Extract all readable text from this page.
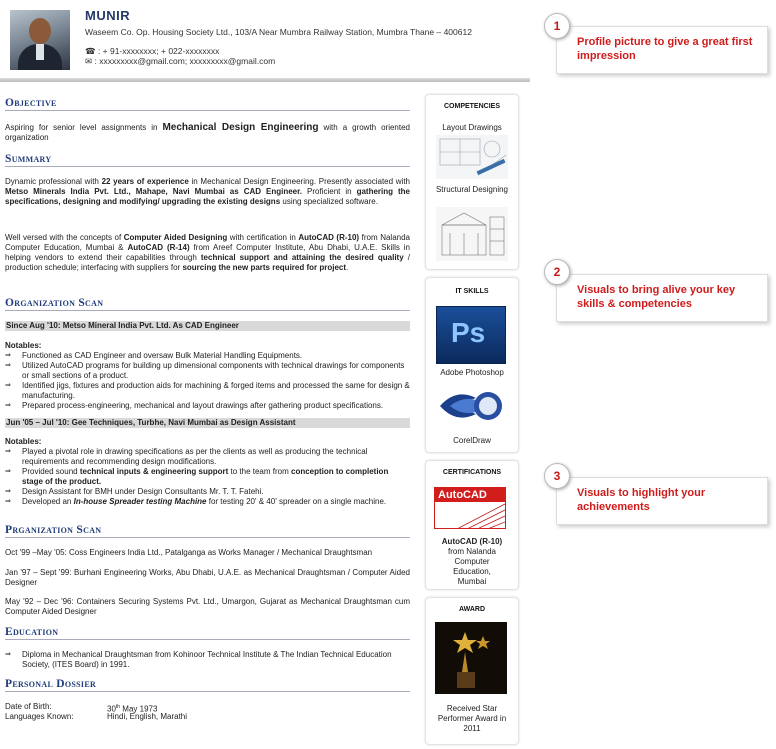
MUNIR
Waseem Co. Op. Housing Society Ltd., 103/A Near Mumbra Railway Station, Mumbra Thane – 400612
☎ : + 91-xxxxxxxx; + 022-xxxxxxxx
✉ : xxxxxxxxx@gmail.com; xxxxxxxxx@gmail.com
Objective
Aspiring for senior level assignments in Mechanical Design Engineering with a growth oriented organization
Summary
Dynamic professional with 22 years of experience in Mechanical Design Engineering. Presently associated with Metso Minerals India Pvt. Ltd., Mahape, Navi Mumbai as CAD Engineer. Proficient in gathering the specifications, designing and modifying/ upgrading the existing designs using specialized software.
Well versed with the concepts of Computer Aided Designing with certification in AutoCAD (R-10) from Nalanda Computer Education, Mumbai & AutoCAD (R-14) from Areef Computer Institute, Abu Dhabi, U.A.E. Skills in helping vendors to extend their capabilities through technical support and attaining the desired quality / production schedule; interfacing with suppliers for sourcing the new parts required for project.
Organization Scan
Since Aug '10: Metso Mineral India Pvt. Ltd. As CAD Engineer
Notables:
⇒ Functioned as CAD Engineer and oversaw Bulk Material Handling Equipments.
⇒ Utilized AutoCAD programs for building up dimensional components with technical drawings for components or small sections of a product.
⇒ Identified jigs, fixtures and production aids for machining & forged items and processed the same for design & manufacturing.
⇒ Prepared process-engineering, mechanical and layout drawings after gathering product specifications.
Jun '05 – Jul '10: Gee Techniques, Turbhe, Navi Mumbai as Design Assistant
Notables:
⇒ Played a pivotal role in drawing specifications as per the clients as well as producing the technical requirements and recommending design modifications.
⇒ Provided sound technical inputs & engineering support to the team from conception to completion stage of the product.
⇒ Design Assistant for BMH under Design Consultants Mr. T. T. Fatehi.
⇒ Developed an In-house Spreader testing Machine for testing 20' & 40' spreader on a single machine.
Prganization Scan
Oct '99 –May '05: Coss Engineers India Ltd., Patalganga as Works Manager / Mechanical Draughtsman
Jan '97 – Sept '99: Burhani Engineering Works, Abu Dhabi, U.A.E. as Mechanical Draughtsman / Computer Aided Designer
May '92 – Dec '96: Containers Securing Systems Pvt. Ltd., Umargon, Gujarat as Mechanical Draughtsman cum Computer Aided Designer
Education
⇒ Diploma in Mechanical Draughtsman from Kohinoor Technical Institute & The Indian Technical Education Society, (ITES Board) in 1991.
Personal Dossier
Date of Birth:	30th May 1973
Languages Known:	Hindi, English, Marathi
COMPETENCIES
Layout Drawings
Structural Designing
IT SKILLS
Ps
Adobe Photoshop
CorelDraw
CERTIFICATIONS
AutoCAD
AutoCAD (R-10)
from Nalanda Computer Education, Mumbai
AWARD
Received Star Performer Award in 2011
Profile picture to give a great first impression
1
Visuals to bring alive your key skills & competencies
2
Visuals to highlight your achievements
3
